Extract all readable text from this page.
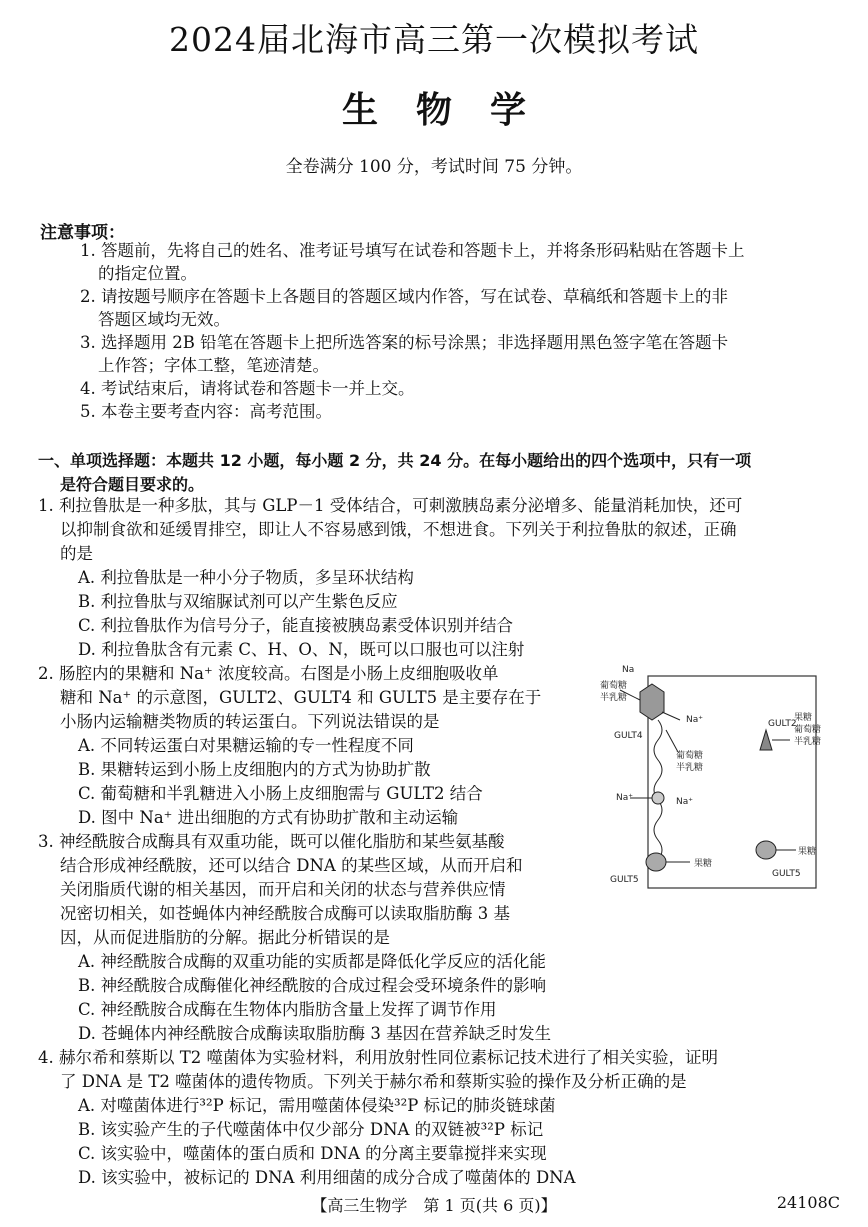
2024届北海市高三第一次模拟考试
生物学
全卷满分 100 分，考试时间 75 分钟。
注意事项：
1. 答题前，先将自己的姓名、准考证号填写在试卷和答题卡上，并将条形码粘贴在答题卡上
的指定位置。
2. 请按题号顺序在答题卡上各题目的答题区域内作答，写在试卷、草稿纸和答题卡上的非
答题区域均无效。
3. 选择题用 2B 铅笔在答题卡上把所选答案的标号涂黑；非选择题用黑色签字笔在答题卡
上作答；字体工整，笔迹清楚。
4. 考试结束后，请将试卷和答题卡一并上交。
5. 本卷主要考查内容：高考范围。
一、单项选择题：本题共 12 小题，每小题 2 分，共 24 分。在每小题给出的四个选项中，只有一项
是符合题目要求的。
1. 利拉鲁肽是一种多肽，其与 GLP－1 受体结合，可刺激胰岛素分泌增多、能量消耗加快，还可
以抑制食欲和延缓胃排空，即让人不容易感到饿，不想进食。下列关于利拉鲁肽的叙述，正确
的是
A. 利拉鲁肽是一种小分子物质，多呈环状结构
B. 利拉鲁肽与双缩脲试剂可以产生紫色反应
C. 利拉鲁肽作为信号分子，能直接被胰岛素受体识别并结合
D. 利拉鲁肽含有元素 C、H、O、N，既可以口服也可以注射
2. 肠腔内的果糖和 Na⁺ 浓度较高。右图是小肠上皮细胞吸收单
糖和 Na⁺ 的示意图，GULT2、GULT4 和 GULT5 是主要存在于
小肠内运输糖类物质的转运蛋白。下列说法错误的是
A. 不同转运蛋白对果糖运输的专一性程度不同
B. 果糖转运到小肠上皮细胞内的方式为协助扩散
C. 葡萄糖和半乳糖进入小肠上皮细胞需与 GULT2 结合
D. 图中 Na⁺ 进出细胞的方式有协助扩散和主动运输
Na
葡萄糖
半乳糖
Na⁺
GULT4
葡萄糖
半乳糖
GULT2
果糖
葡萄糖
半乳糖
Na⁺	Na⁺
果糖
果糖
GULT5
GULT5
3. 神经酰胺合成酶具有双重功能，既可以催化脂肪和某些氨基酸
结合形成神经酰胺，还可以结合 DNA 的某些区域，从而开启和
关闭脂质代谢的相关基因，而开启和关闭的状态与营养供应情
况密切相关，如苍蝇体内神经酰胺合成酶可以读取脂肪酶 3 基
因，从而促进脂肪的分解。据此分析错误的是
A. 神经酰胺合成酶的双重功能的实质都是降低化学反应的活化能
B. 神经酰胺合成酶催化神经酰胺的合成过程会受环境条件的影响
C. 神经酰胺合成酶在生物体内脂肪含量上发挥了调节作用
D. 苍蝇体内神经酰胺合成酶读取脂肪酶 3 基因在营养缺乏时发生
4. 赫尔希和蔡斯以 T2 噬菌体为实验材料，利用放射性同位素标记技术进行了相关实验，证明
了 DNA 是 T2 噬菌体的遗传物质。下列关于赫尔希和蔡斯实验的操作及分析正确的是
A. 对噬菌体进行³²P 标记，需用噬菌体侵染³²P 标记的肺炎链球菌
B. 该实验产生的子代噬菌体中仅少部分 DNA 的双链被³²P 标记
C. 该实验中，噬菌体的蛋白质和 DNA 的分离主要靠搅拌来实现
D. 该实验中，被标记的 DNA 利用细菌的成分合成了噬菌体的 DNA
【高三生物学　第 1 页(共 6 页)】	24108C
